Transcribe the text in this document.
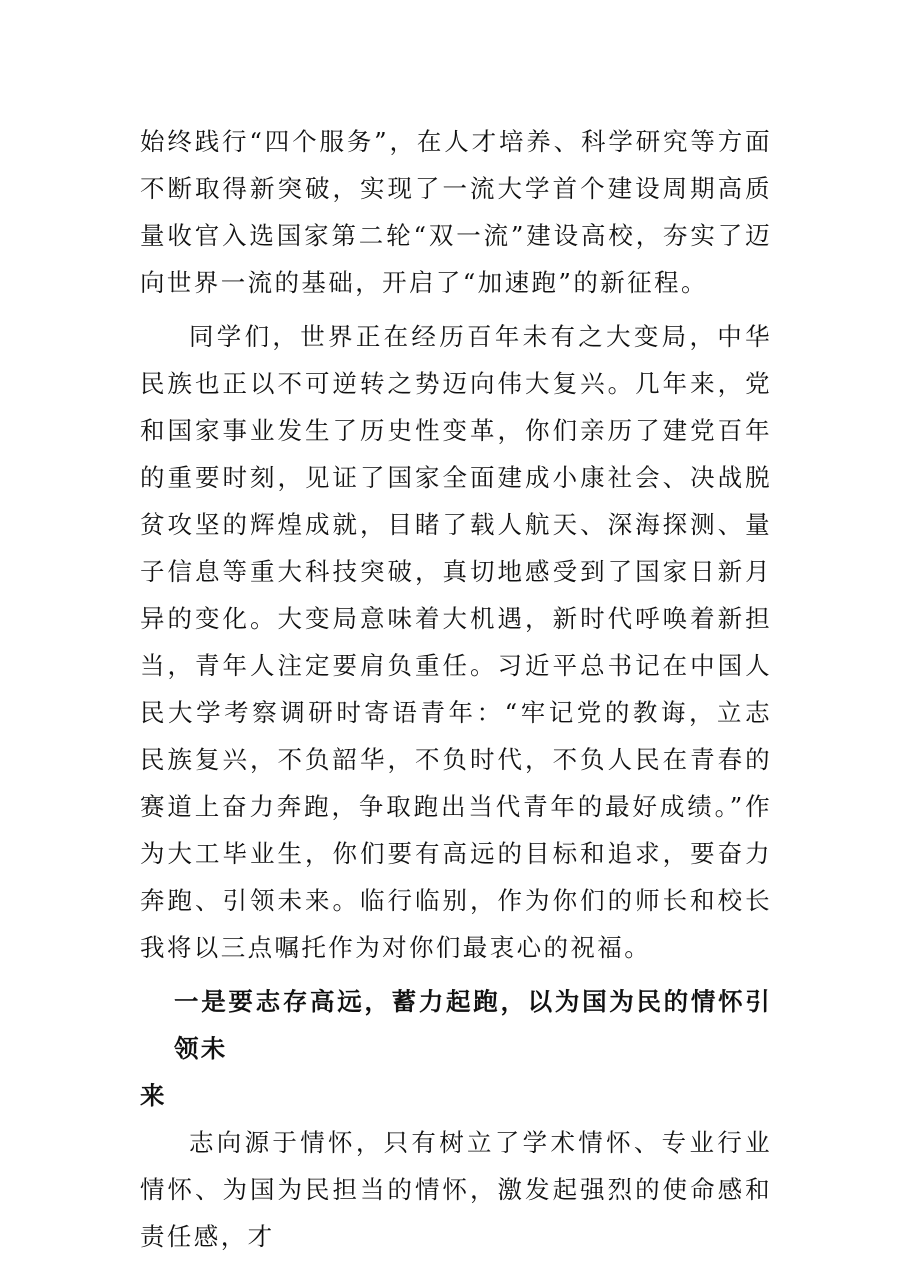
始终践行“四个服务”，在人才培养、科学研究等方面不断取得新突破，实现了一流大学首个建设周期高质量收官入选国家第二轮“双一流”建设高校，夯实了迈向世界一流的基础，开启了“加速跑”的新征程。

同学们，世界正在经历百年未有之大变局，中华民族也正以不可逆转之势迈向伟大复兴。几年来，党和国家事业发生了历史性变革，你们亲历了建党百年的重要时刻，见证了国家全面建成小康社会、决战脱贫攻坚的辉煌成就，目睹了载人航天、深海探测、量子信息等重大科技突破，真切地感受到了国家日新月异的变化。大变局意味着大机遇，新时代呼唤着新担当，青年人注定要肩负重任。习近平总书记在中国人民大学考察调研时寄语青年：“牢记党的教诲，立志民族复兴，不负韶华，不负时代，不负人民在青春的赛道上奋力奔跑，争取跑出当代青年的最好成绩。”作为大工毕业生，你们要有高远的目标和追求，要奋力奔跑、引领未来。临行临别，作为你们的师长和校长我将以三点嘱托作为对你们最衷心的祝福。

一是要志存高远，蓄力起跑，以为国为民的情怀引领未
来

志向源于情怀，只有树立了学术情怀、专业行业情怀、为国为民担当的情怀，激发起强烈的使命感和责任感，才
